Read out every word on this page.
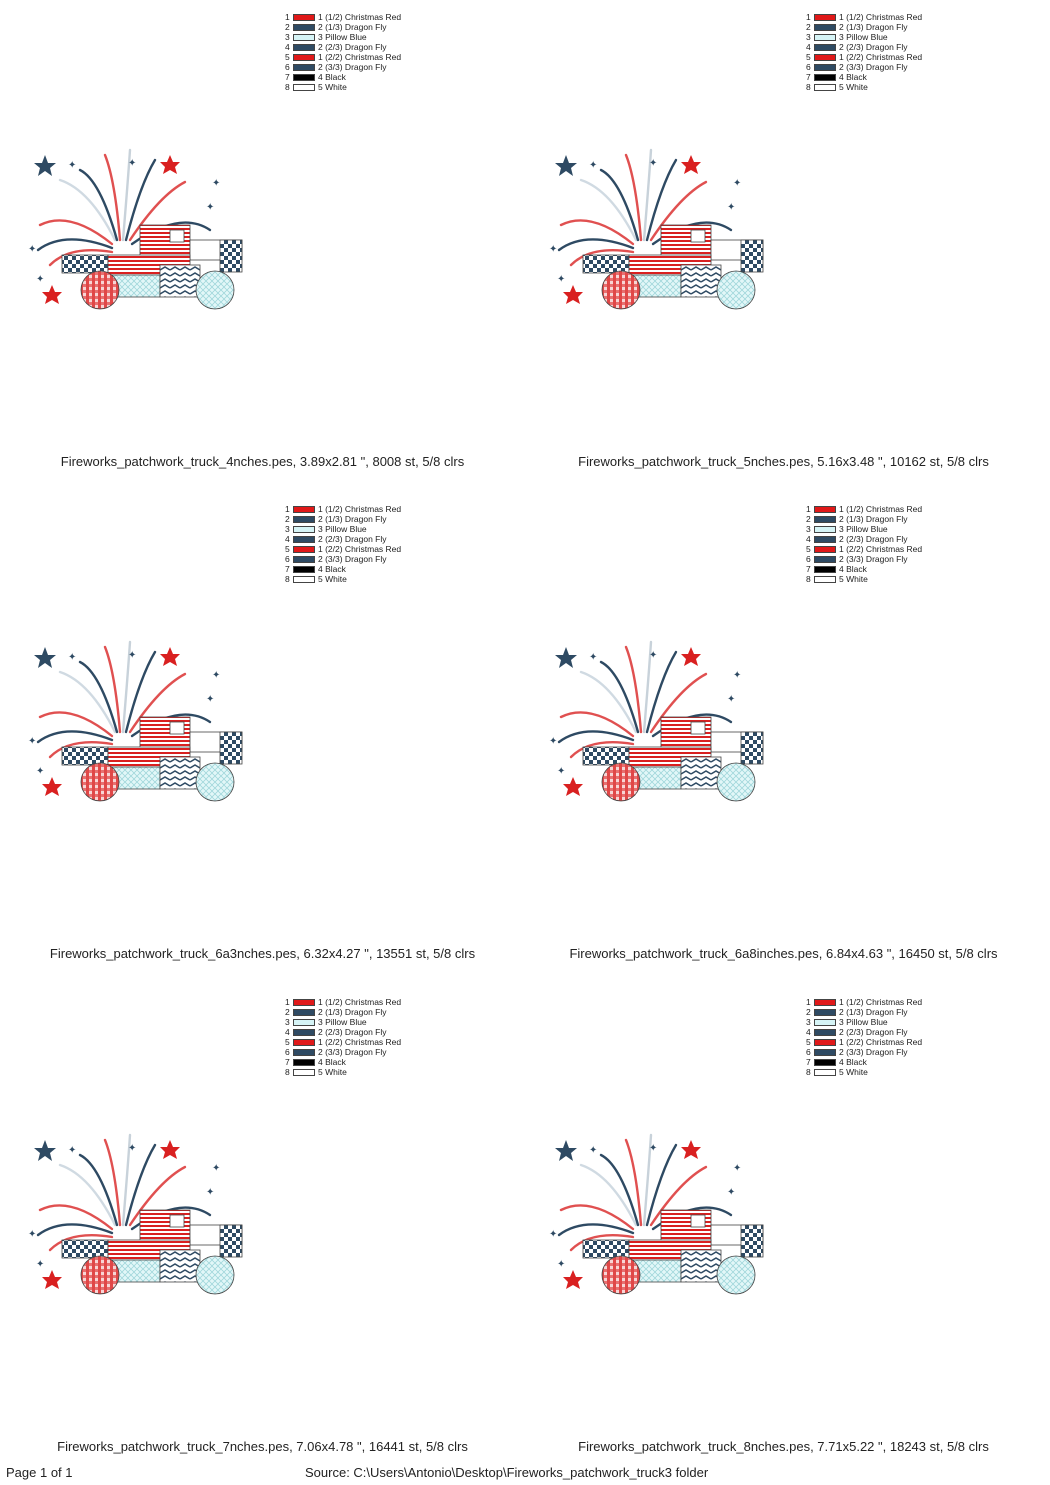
1	1 (1/2) Christmas Red
2	2 (1/3) Dragon Fly
3	3 Pillow Blue
4	2 (2/3) Dragon Fly
5	1 (2/2) Christmas Red
6	2 (3/3) Dragon Fly
7	4 Black
8	5 White
✦	✦
✦
✦
✦
✦
Fireworks_patchwork_truck_4nches.pes, 3.89x2.81 ", 8008 st, 5/8 clrs
1	1 (1/2) Christmas Red
2	2 (1/3) Dragon Fly
3	3 Pillow Blue
4	2 (2/3) Dragon Fly
5	1 (2/2) Christmas Red
6	2 (3/3) Dragon Fly
7	4 Black
8	5 White
✦	✦
✦
✦
✦
✦
Fireworks_patchwork_truck_5nches.pes, 5.16x3.48 ", 10162 st, 5/8 clrs
1	1 (1/2) Christmas Red
2	2 (1/3) Dragon Fly
3	3 Pillow Blue
4	2 (2/3) Dragon Fly
5	1 (2/2) Christmas Red
6	2 (3/3) Dragon Fly
7	4 Black
8	5 White
✦	✦
✦
✦
✦
✦
Fireworks_patchwork_truck_6a3nches.pes, 6.32x4.27 ", 13551 st, 5/8 clrs
1	1 (1/2) Christmas Red
2	2 (1/3) Dragon Fly
3	3 Pillow Blue
4	2 (2/3) Dragon Fly
5	1 (2/2) Christmas Red
6	2 (3/3) Dragon Fly
7	4 Black
8	5 White
✦	✦
✦
✦
✦
✦
Fireworks_patchwork_truck_6a8inches.pes, 6.84x4.63 ", 16450 st, 5/8 clrs
1	1 (1/2) Christmas Red
2	2 (1/3) Dragon Fly
3	3 Pillow Blue
4	2 (2/3) Dragon Fly
5	1 (2/2) Christmas Red
6	2 (3/3) Dragon Fly
7	4 Black
8	5 White
✦	✦
✦
✦
✦
✦
Fireworks_patchwork_truck_7nches.pes, 7.06x4.78 ", 16441 st, 5/8 clrs
1	1 (1/2) Christmas Red
2	2 (1/3) Dragon Fly
3	3 Pillow Blue
4	2 (2/3) Dragon Fly
5	1 (2/2) Christmas Red
6	2 (3/3) Dragon Fly
7	4 Black
8	5 White
✦	✦
✦
✦
✦
✦
Fireworks_patchwork_truck_8nches.pes, 7.71x5.22 ", 18243 st, 5/8 clrs
Page 1 of 1	Source: C:\Users\Antonio\Desktop\Fireworks_patchwork_truck3 folder
